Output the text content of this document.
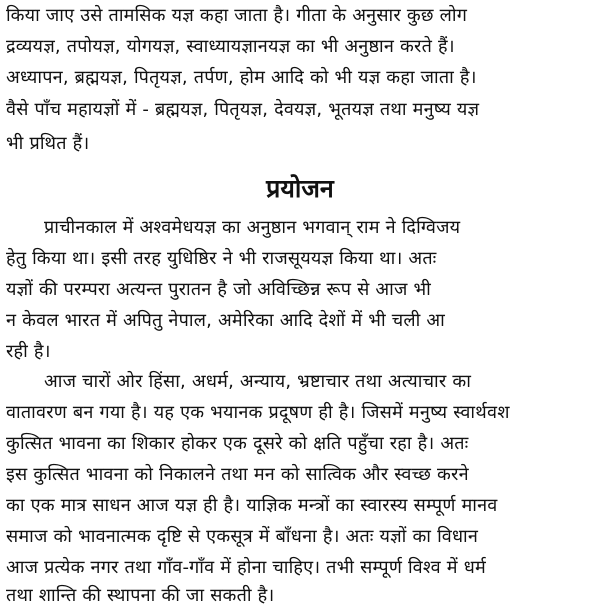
किया जाए उसे तामसिक यज्ञ कहा जाता है। गीता के अनुसार कुछ लोग
द्रव्ययज्ञ, तपोयज्ञ, योगयज्ञ, स्वाध्यायज्ञानयज्ञ का भी अनुष्ठान करते हैं।
अध्यापन, ब्रह्मयज्ञ, पितृयज्ञ, तर्पण, होम आदि को भी यज्ञ कहा जाता है।
वैसे पाँच महायज्ञों में - ब्रह्मयज्ञ, पितृयज्ञ, देवयज्ञ, भूतयज्ञ तथा मनुष्य यज्ञ
भी प्रथित हैं।
प्रयोजन
प्राचीनकाल में अश्वमेधयज्ञ का अनुष्ठान भगवान् राम ने दिग्विजय
हेतु किया था। इसी तरह युधिष्ठिर ने भी राजसूययज्ञ किया था। अतः
यज्ञों की परम्परा अत्यन्त पुरातन है जो अविच्छिन्न रूप से आज भी
न केवल भारत में अपितु नेपाल, अमेरिका आदि देशों में भी चली आ
रही है।
आज चारों ओर हिंसा, अधर्म, अन्याय, भ्रष्टाचार तथा अत्याचार का
वातावरण बन गया है। यह एक भयानक प्रदूषण ही है। जिसमें मनुष्य स्वार्थवश
कुत्सित भावना का शिकार होकर एक दूसरे को क्षति पहुँचा रहा है। अतः
इस कुत्सित भावना को निकालने तथा मन को सात्विक और स्वच्छ करने
का एक मात्र साधन आज यज्ञ ही है। याज्ञिक मन्त्रों का स्वारस्य सम्पूर्ण मानव
समाज को भावनात्मक दृष्टि से एकसूत्र में बाँधना है। अतः यज्ञों का विधान
आज प्रत्येक नगर तथा गाँव-गाँव में होना चाहिए। तभी सम्पूर्ण विश्व में धर्म
तथा शान्ति की स्थापना की जा सकती है।
